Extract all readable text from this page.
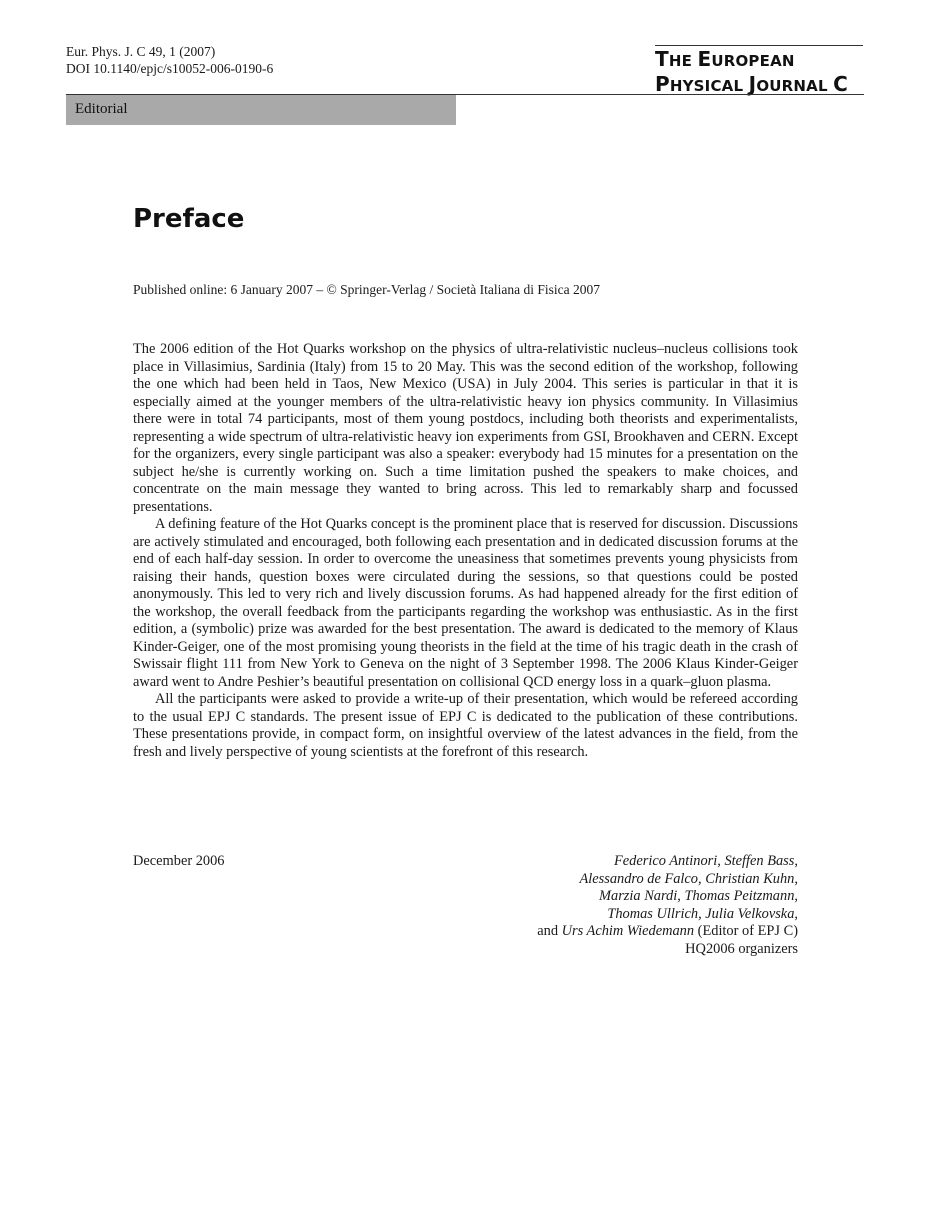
Eur. Phys. J. C 49, 1 (2007)
DOI 10.1140/epjc/s10052-006-0190-6	THE EUROPEAN
PHYSICAL JOURNAL C
Editorial
Preface
Published online: 6 January 2007 – © Springer-Verlag / Società Italiana di Fisica 2007

The 2006 edition of the Hot Quarks workshop on the physics of ultra-relativistic nucleus–nucleus collisions took place in Villasimius, Sardinia (Italy) from 15 to 20 May. This was the second edition of the workshop, following the one which had been held in Taos, New Mexico (USA) in July 2004. This series is particular in that it is especially aimed at the younger members of the ultra-relativistic heavy ion physics community. In Villasimius there were in total 74 participants, most of them young postdocs, including both theorists and experimentalists, representing a wide spectrum of ultra-relativistic heavy ion experiments from GSI, Brookhaven and CERN. Except for the organizers, every single participant was also a speaker: everybody had 15 minutes for a presentation on the subject he/she is currently working on. Such a time limitation pushed the speakers to make choices, and concentrate on the main message they wanted to bring across. This led to remarkably sharp and focussed presentations.

A defining feature of the Hot Quarks concept is the prominent place that is reserved for discussion. Discussions are actively stimulated and encouraged, both following each presentation and in dedicated discussion forums at the end of each half-day session. In order to overcome the uneasiness that sometimes prevents young physicists from raising their hands, question boxes were circulated during the sessions, so that questions could be posted anonymously. This led to very rich and lively discussion forums. As had happened already for the first edition of the workshop, the overall feedback from the participants regarding the workshop was enthusiastic. As in the first edition, a (symbolic) prize was awarded for the best presentation. The award is dedicated to the memory of Klaus Kinder-Geiger, one of the most promising young theorists in the field at the time of his tragic death in the crash of Swissair flight 111 from New York to Geneva on the night of 3 September 1998. The 2006 Klaus Kinder-Geiger award went to Andre Peshier’s beautiful presentation on collisional QCD energy loss in a quark–gluon plasma.

All the participants were asked to provide a write-up of their presentation, which would be refereed according to the usual EPJ C standards. The present issue of EPJ C is dedicated to the publication of these contributions. These presentations provide, in compact form, on insightful overview of the latest advances in the field, from the fresh and lively perspective of young scientists at the forefront of this research.

December 2006	Federico Antinori, Steffen Bass,
Alessandro de Falco, Christian Kuhn,
Marzia Nardi, Thomas Peitzmann,
Thomas Ullrich, Julia Velkovska,
and Urs Achim Wiedemann (Editor of EPJ C)
HQ2006 organizers
